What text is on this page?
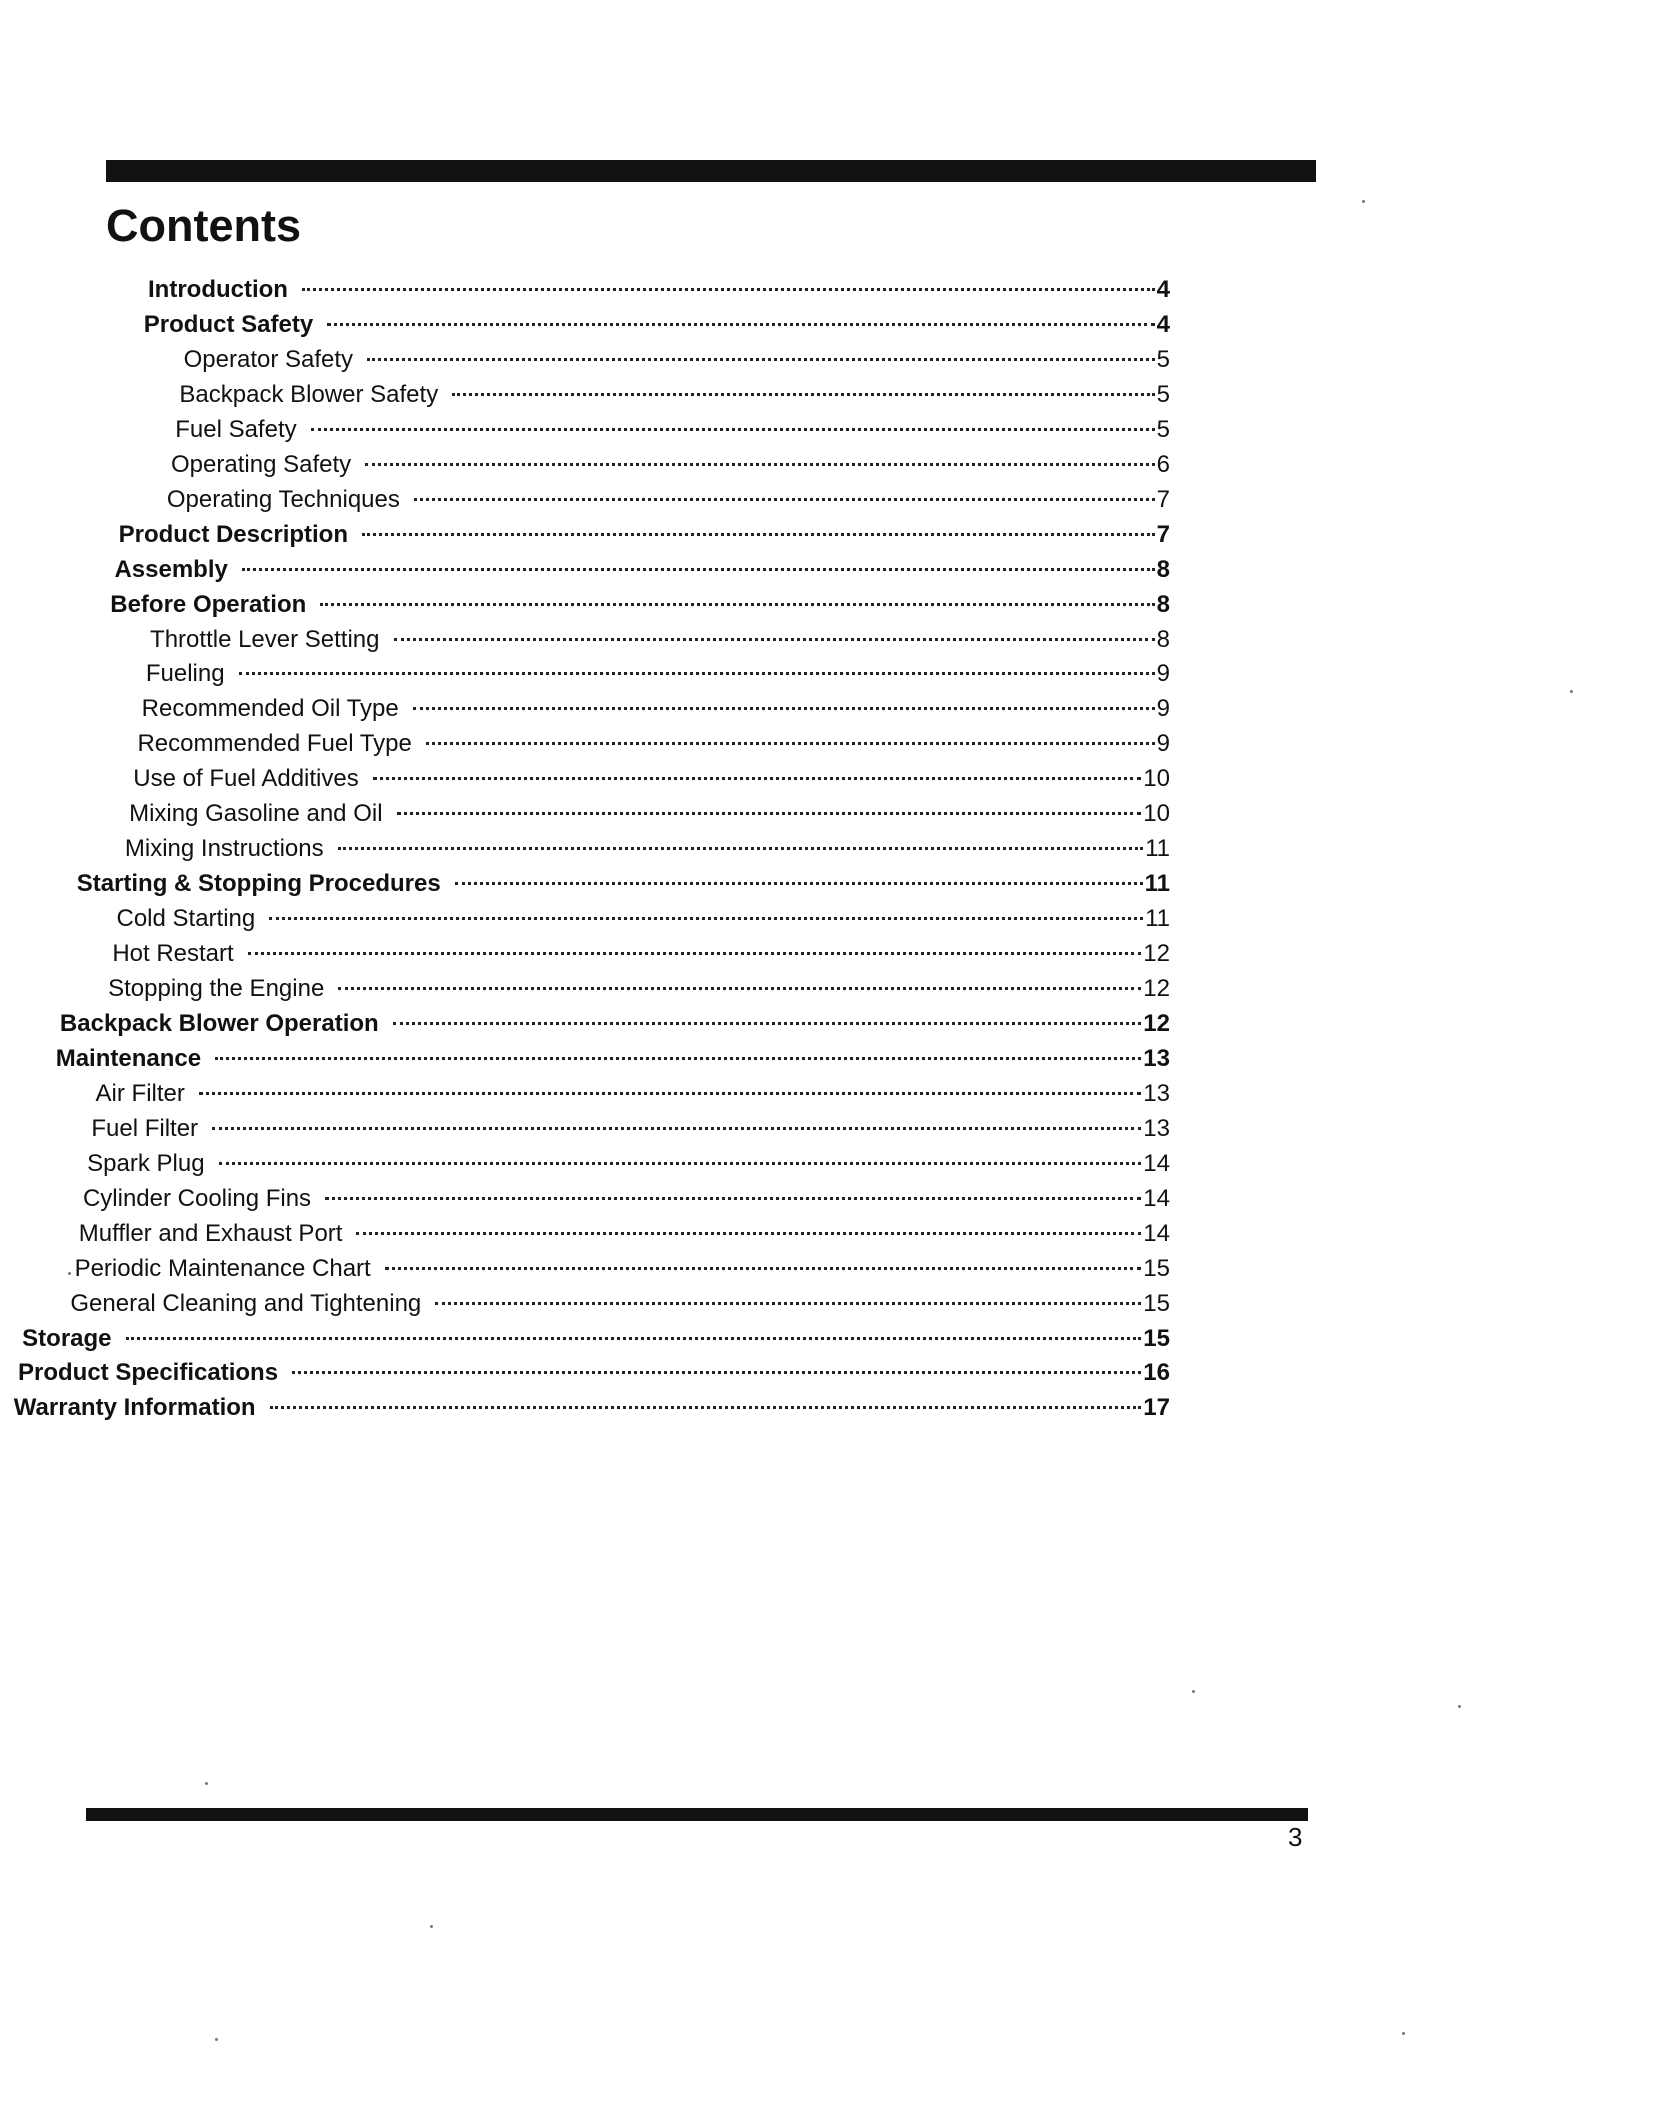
Contents
Introduction	4
Product Safety	4
Operator Safety	5
Backpack Blower Safety	5
Fuel Safety	5
Operating Safety	6
Operating Techniques	7
Product Description	7
Assembly	8
Before Operation	8
Throttle Lever Setting	8
Fueling	9
Recommended Oil Type	9
Recommended Fuel Type	9
Use of Fuel Additives	10
Mixing Gasoline and Oil	10
Mixing Instructions	11
Starting & Stopping Procedures	11
Cold Starting	11
Hot Restart	12
Stopping the Engine	12
Backpack Blower Operation	12
Maintenance	13
Air Filter	13
Fuel Filter	13
Spark Plug	14
Cylinder Cooling Fins	14
Muffler and Exhaust Port	14
Periodic Maintenance Chart	15
General Cleaning and Tightening	15
Storage	15
Product Specifications	16
Warranty Information	17
3
